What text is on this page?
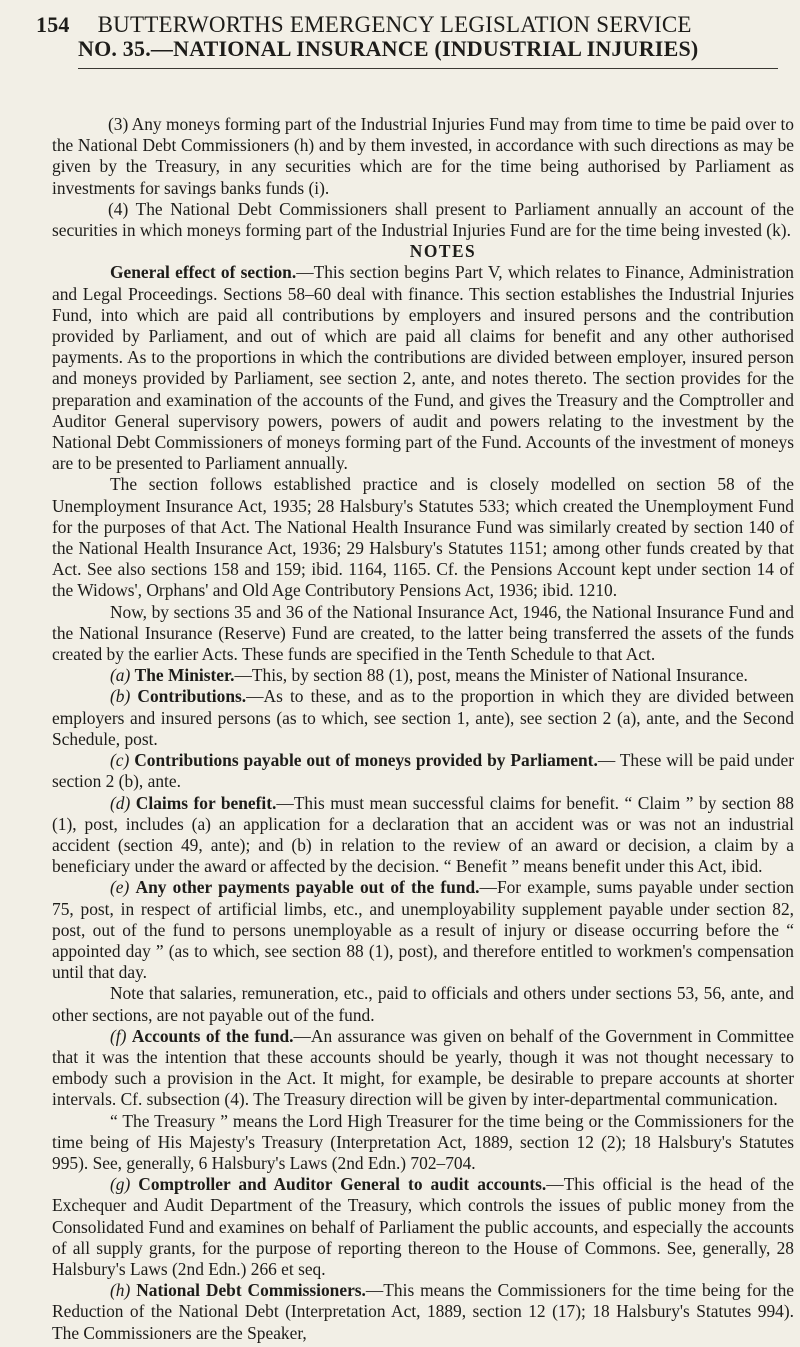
154 BUTTERWORTHS EMERGENCY LEGISLATION SERVICE
NO. 35.—NATIONAL INSURANCE (INDUSTRIAL INJURIES)

(3) Any moneys forming part of the Industrial Injuries Fund may from time to time be paid over to the National Debt Commissioners (h) and by them invested, in accordance with such directions as may be given by the Treasury, in any securities which are for the time being authorised by Parliament as investments for savings banks funds (i).

(4) The National Debt Commissioners shall present to Parliament annually an account of the securities in which moneys forming part of the Industrial Injuries Fund are for the time being invested (k).

NOTES

General effect of section.—This section begins Part V, which relates to Finance, Administration and Legal Proceedings. Sections 58–60 deal with finance. This section establishes the Industrial Injuries Fund, into which are paid all contributions by employers and insured persons and the contribution provided by Parliament, and out of which are paid all claims for benefit and any other authorised payments. As to the proportions in which the contributions are divided between employer, insured person and moneys provided by Parliament, see section 2, ante, and notes thereto. The section provides for the preparation and examination of the accounts of the Fund, and gives the Treasury and the Comptroller and Auditor General supervisory powers, powers of audit and powers relating to the investment by the National Debt Commissioners of moneys forming part of the Fund. Accounts of the investment of moneys are to be presented to Parliament annually.

The section follows established practice and is closely modelled on section 58 of the Unemployment Insurance Act, 1935; 28 Halsbury's Statutes 533; which created the Unemployment Fund for the purposes of that Act. The National Health Insurance Fund was similarly created by section 140 of the National Health Insurance Act, 1936; 29 Halsbury's Statutes 1151; among other funds created by that Act. See also sections 158 and 159; ibid. 1164, 1165. Cf. the Pensions Account kept under section 14 of the Widows', Orphans' and Old Age Contributory Pensions Act, 1936; ibid. 1210.

Now, by sections 35 and 36 of the National Insurance Act, 1946, the National Insurance Fund and the National Insurance (Reserve) Fund are created, to the latter being transferred the assets of the funds created by the earlier Acts. These funds are specified in the Tenth Schedule to that Act.

(a) The Minister.—This, by section 88 (1), post, means the Minister of National Insurance.

(b) Contributions.—As to these, and as to the proportion in which they are divided between employers and insured persons (as to which, see section 1, ante), see section 2 (a), ante, and the Second Schedule, post.

(c) Contributions payable out of moneys provided by Parliament.— These will be paid under section 2 (b), ante.

(d) Claims for benefit.—This must mean successful claims for benefit. “ Claim ” by section 88 (1), post, includes (a) an application for a declaration that an accident was or was not an industrial accident (section 49, ante); and (b) in relation to the review of an award or decision, a claim by a beneficiary under the award or affected by the decision. “ Benefit ” means benefit under this Act, ibid.

(e) Any other payments payable out of the fund.—For example, sums payable under section 75, post, in respect of artificial limbs, etc., and unemployability supplement payable under section 82, post, out of the fund to persons unemployable as a result of injury or disease occurring before the “ appointed day ” (as to which, see section 88 (1), post), and therefore entitled to workmen's compensation until that day.

Note that salaries, remuneration, etc., paid to officials and others under sections 53, 56, ante, and other sections, are not payable out of the fund.

(f) Accounts of the fund.—An assurance was given on behalf of the Government in Committee that it was the intention that these accounts should be yearly, though it was not thought necessary to embody such a provision in the Act. It might, for example, be desirable to prepare accounts at shorter intervals. Cf. subsection (4). The Treasury direction will be given by inter-departmental communication.

“ The Treasury ” means the Lord High Treasurer for the time being or the Commissioners for the time being of His Majesty's Treasury (Interpretation Act, 1889, section 12 (2); 18 Halsbury's Statutes 995). See, generally, 6 Halsbury's Laws (2nd Edn.) 702–704.

(g) Comptroller and Auditor General to audit accounts.—This official is the head of the Exchequer and Audit Department of the Treasury, which controls the issues of public money from the Consolidated Fund and examines on behalf of Parliament the public accounts, and especially the accounts of all supply grants, for the purpose of reporting thereon to the House of Commons. See, generally, 28 Halsbury's Laws (2nd Edn.) 266 et seq.

(h) National Debt Commissioners.—This means the Commissioners for the time being for the Reduction of the National Debt (Interpretation Act, 1889, section 12 (17); 18 Halsbury's Statutes 994). The Commissioners are the Speaker,
